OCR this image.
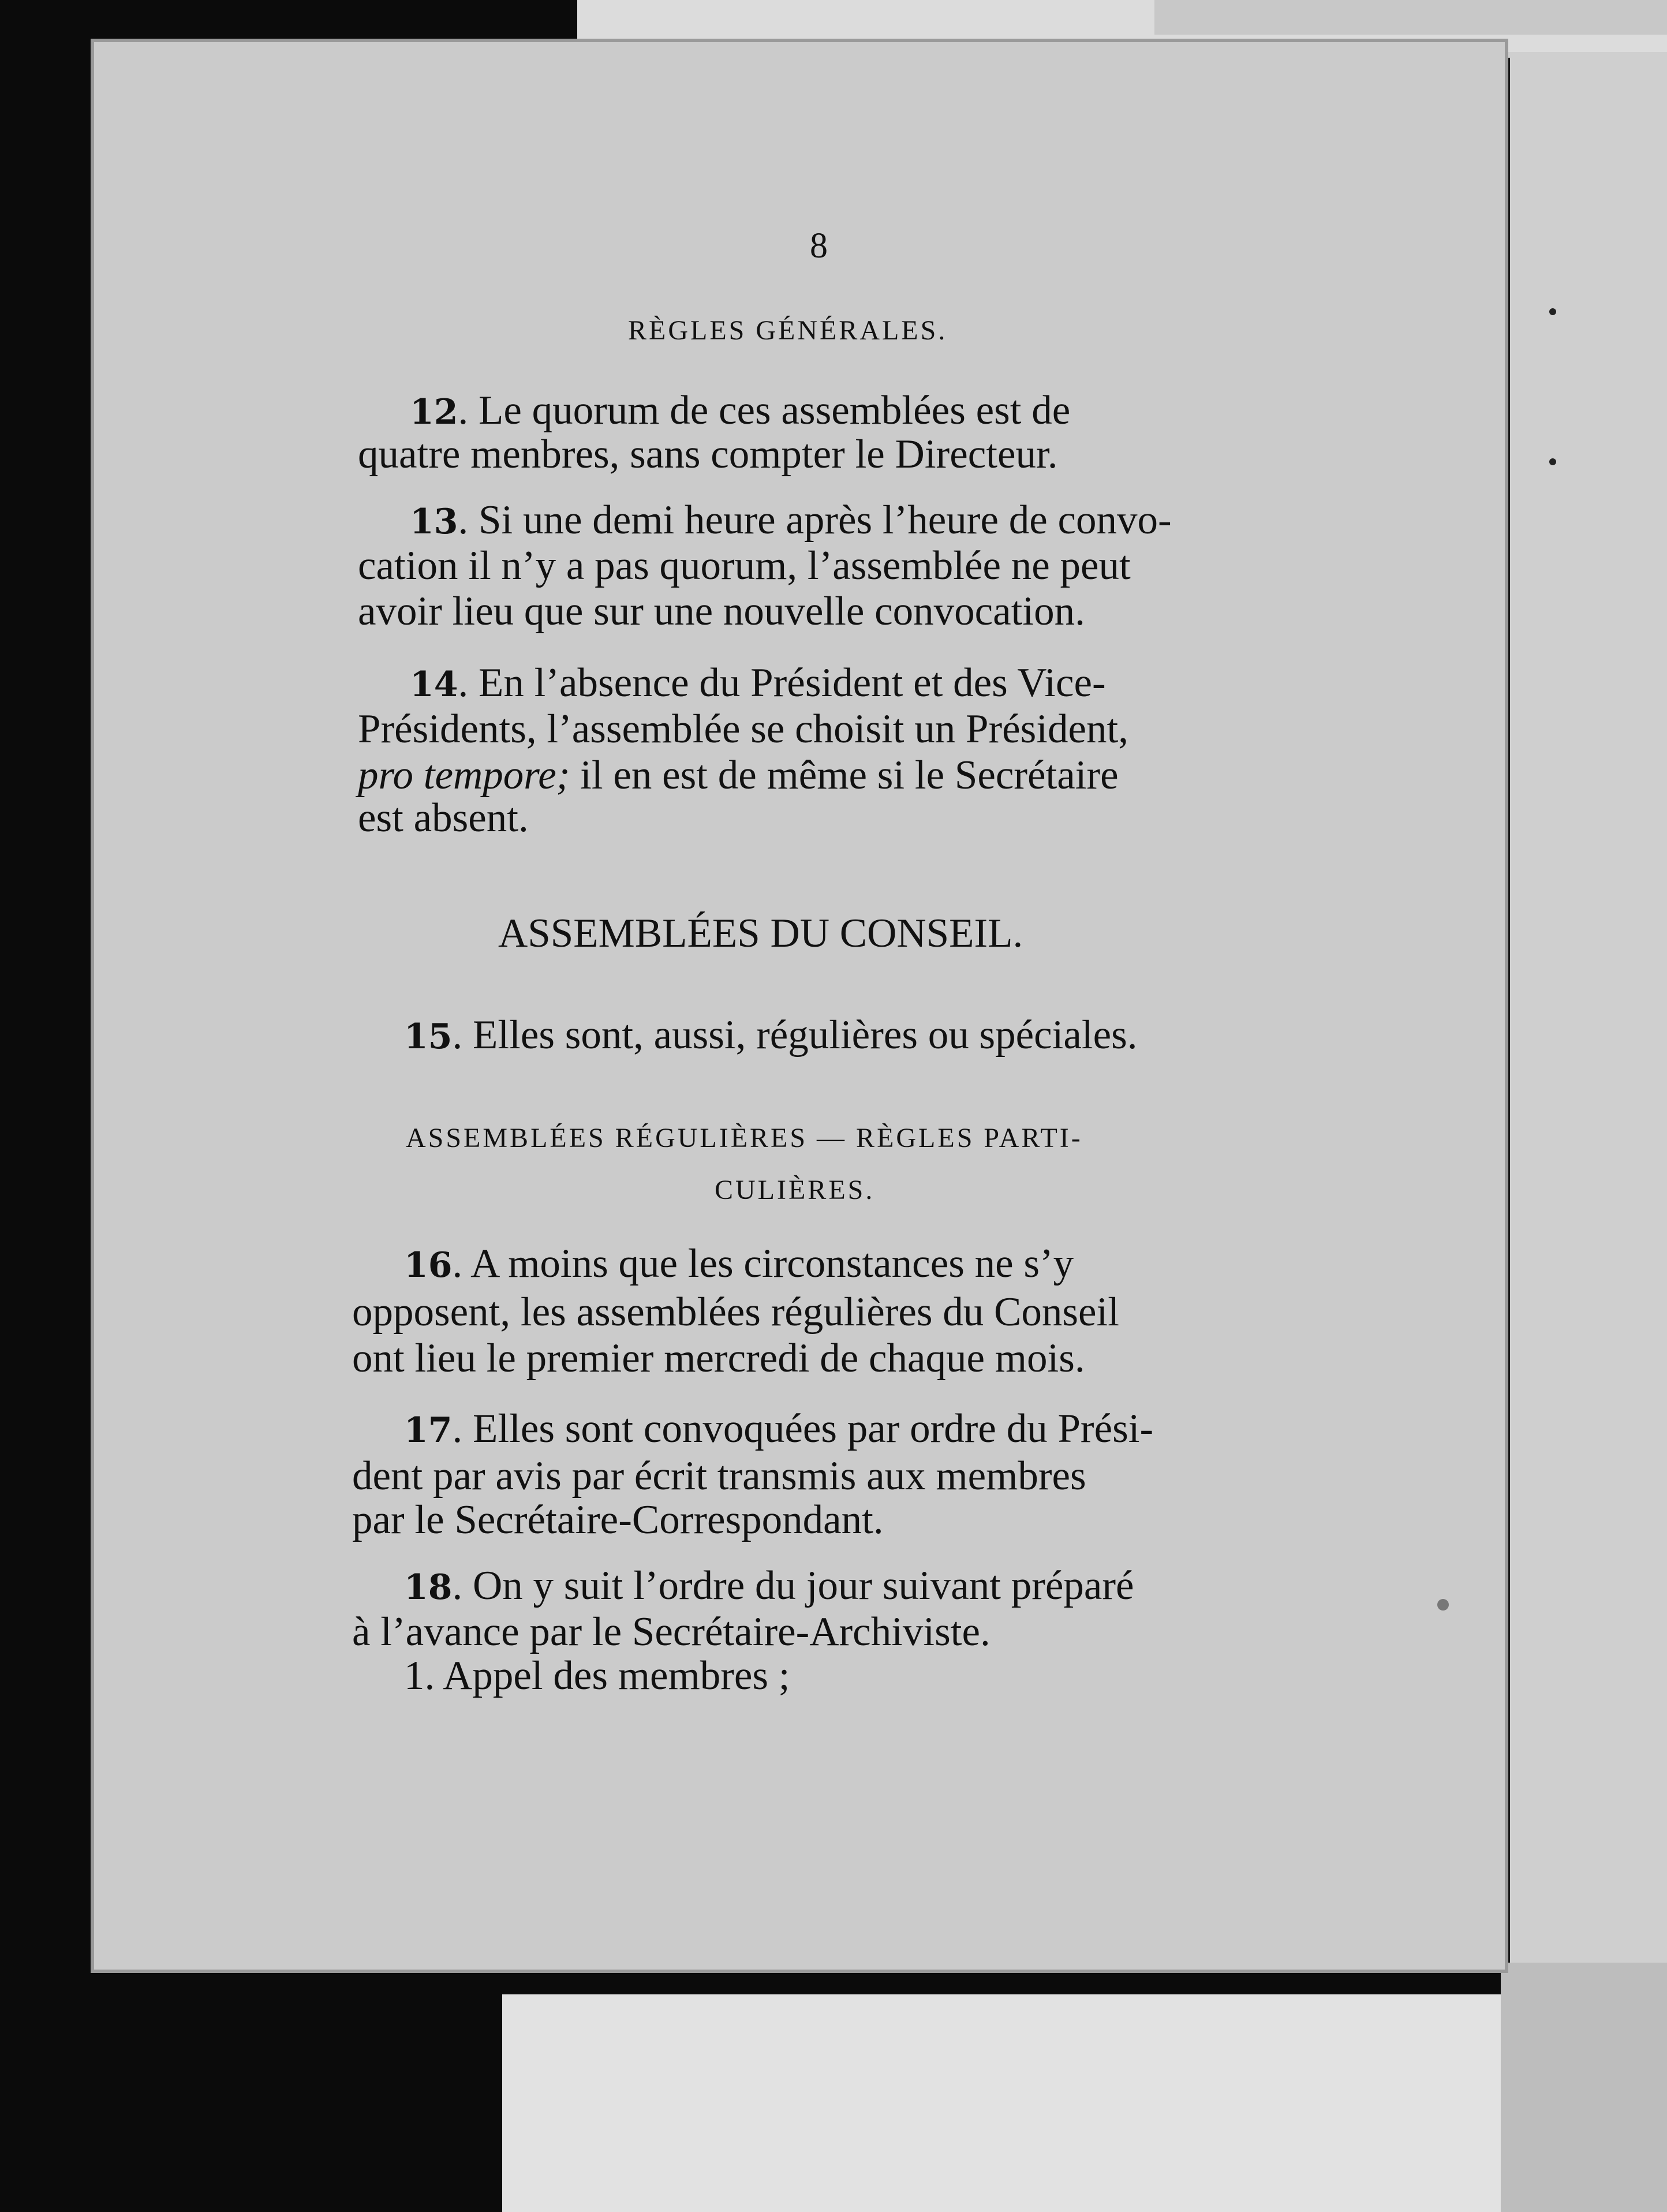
8
RÈGLES GÉNÉRALES.
12. Le quorum de ces assemblées est de
quatre menbres, sans compter le Directeur.
13. Si une demi heure après l’heure de convo-
cation il n’y a pas quorum, l’assemblée ne peut
avoir lieu que sur une nouvelle convocation.
14. En l’absence du Président et des Vice-
Présidents, l’assemblée se choisit un Président,
pro tempore; il en est de même si le Secrétaire
est absent.
ASSEMBLÉES DU CONSEIL.
15. Elles sont, aussi, régulières ou spéciales.
ASSEMBLÉES RÉGULIÈRES — RÈGLES PARTI-
CULIÈRES.
16. A moins que les circonstances ne s’y
opposent, les assemblées régulières du Conseil
ont lieu le premier mercredi de chaque mois.
17. Elles sont convoquées par ordre du Prési-
dent par avis par écrit transmis aux membres
par le Secrétaire-Correspondant.
18. On y suit l’ordre du jour suivant préparé
à l’avance par le Secrétaire-Archiviste.
1. Appel des membres ;
